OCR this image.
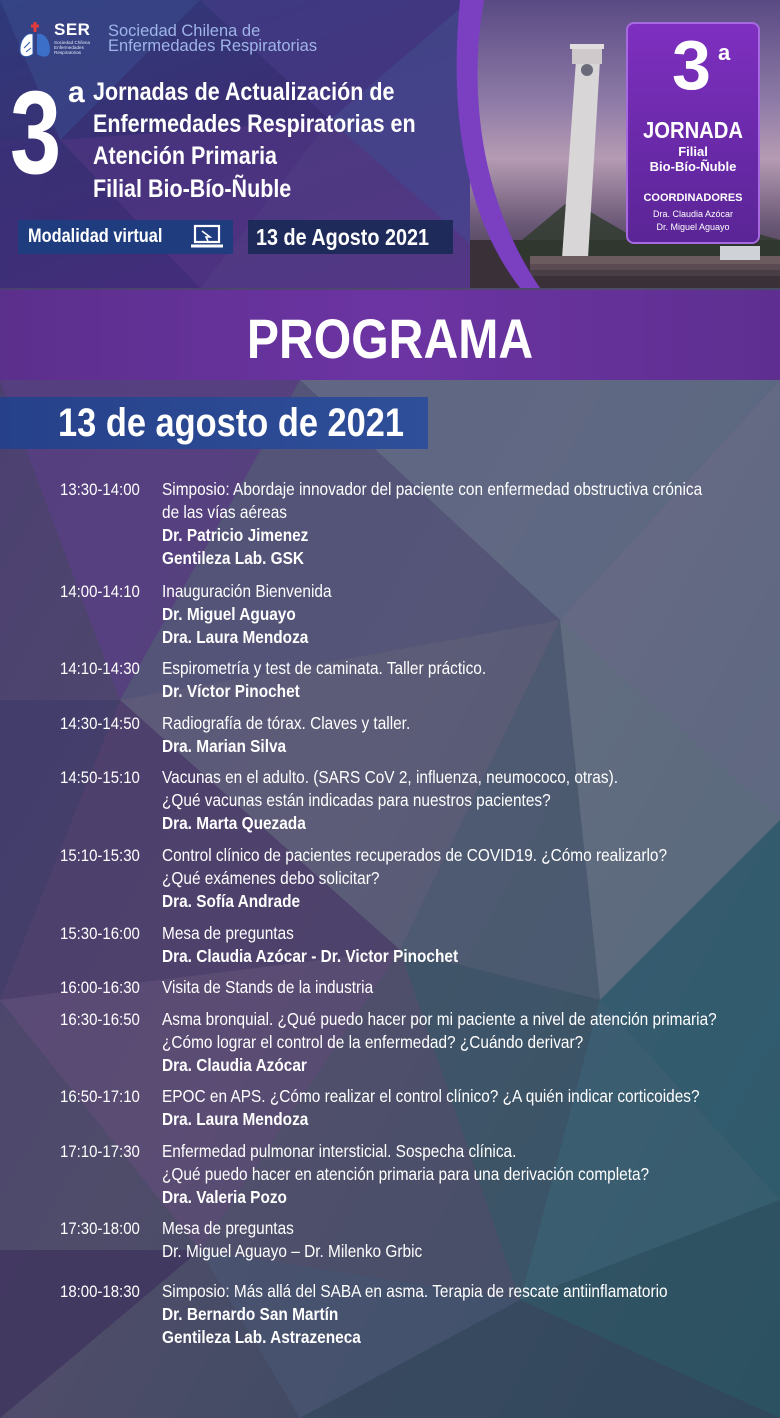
SER
Sociedad Chilena Enfermedades Respiratorias
Sociedad Chilena de
Enfermedades Respiratorias
3 a Jornadas de Actualización de
Enfermedades Respiratorias en
Atención Primaria
Filial Bio-Bío-Ñuble
Modalidad virtual	13 de Agosto 2021
3 a
JORNADA
Filial
Bio-Bío-Ñuble
COORDINADORES
Dra. Claudia Azócar
Dr. Miguel Aguayo
PROGRAMA
13 de agosto de 2021
13:30-14:00 Simposio: Abordaje innovador del paciente con enfermedad obstructiva crónica
de las vías aéreas
Dr. Patricio Jimenez
Gentileza Lab. GSK
14:00-14:10 Inauguración Bienvenida
Dr. Miguel Aguayo
Dra. Laura Mendoza
14:10-14:30 Espirometría y test de caminata. Taller práctico.
Dr. Víctor Pinochet
14:30-14:50 Radiografía de tórax. Claves y taller.
Dra. Marian Silva
14:50-15:10 Vacunas en el adulto. (SARS CoV 2, influenza, neumococo, otras).
¿Qué vacunas están indicadas para nuestros pacientes?
Dra. Marta Quezada
15:10-15:30 Control clínico de pacientes recuperados de COVID19. ¿Cómo realizarlo?
¿Qué exámenes debo solicitar?
Dra. Sofía Andrade
15:30-16:00 Mesa de preguntas
Dra. Claudia Azócar - Dr. Victor Pinochet
16:00-16:30 Visita de Stands de la industria
16:30-16:50 Asma bronquial. ¿Qué puedo hacer por mi paciente a nivel de atención primaria?
¿Cómo lograr el control de la enfermedad? ¿Cuándo derivar?
Dra. Claudia Azócar
16:50-17:10 EPOC en APS. ¿Cómo realizar el control clínico? ¿A quién indicar corticoides?
Dra. Laura Mendoza
17:10-17:30 Enfermedad pulmonar intersticial. Sospecha clínica.
¿Qué puedo hacer en atención primaria para una derivación completa?
Dra. Valeria Pozo
17:30-18:00 Mesa de preguntas
Dr. Miguel Aguayo – Dr. Milenko Grbic
18:00-18:30 Simposio: Más allá del SABA en asma. Terapia de rescate antiinflamatorio
Dr. Bernardo San Martín
Gentileza Lab. Astrazeneca
